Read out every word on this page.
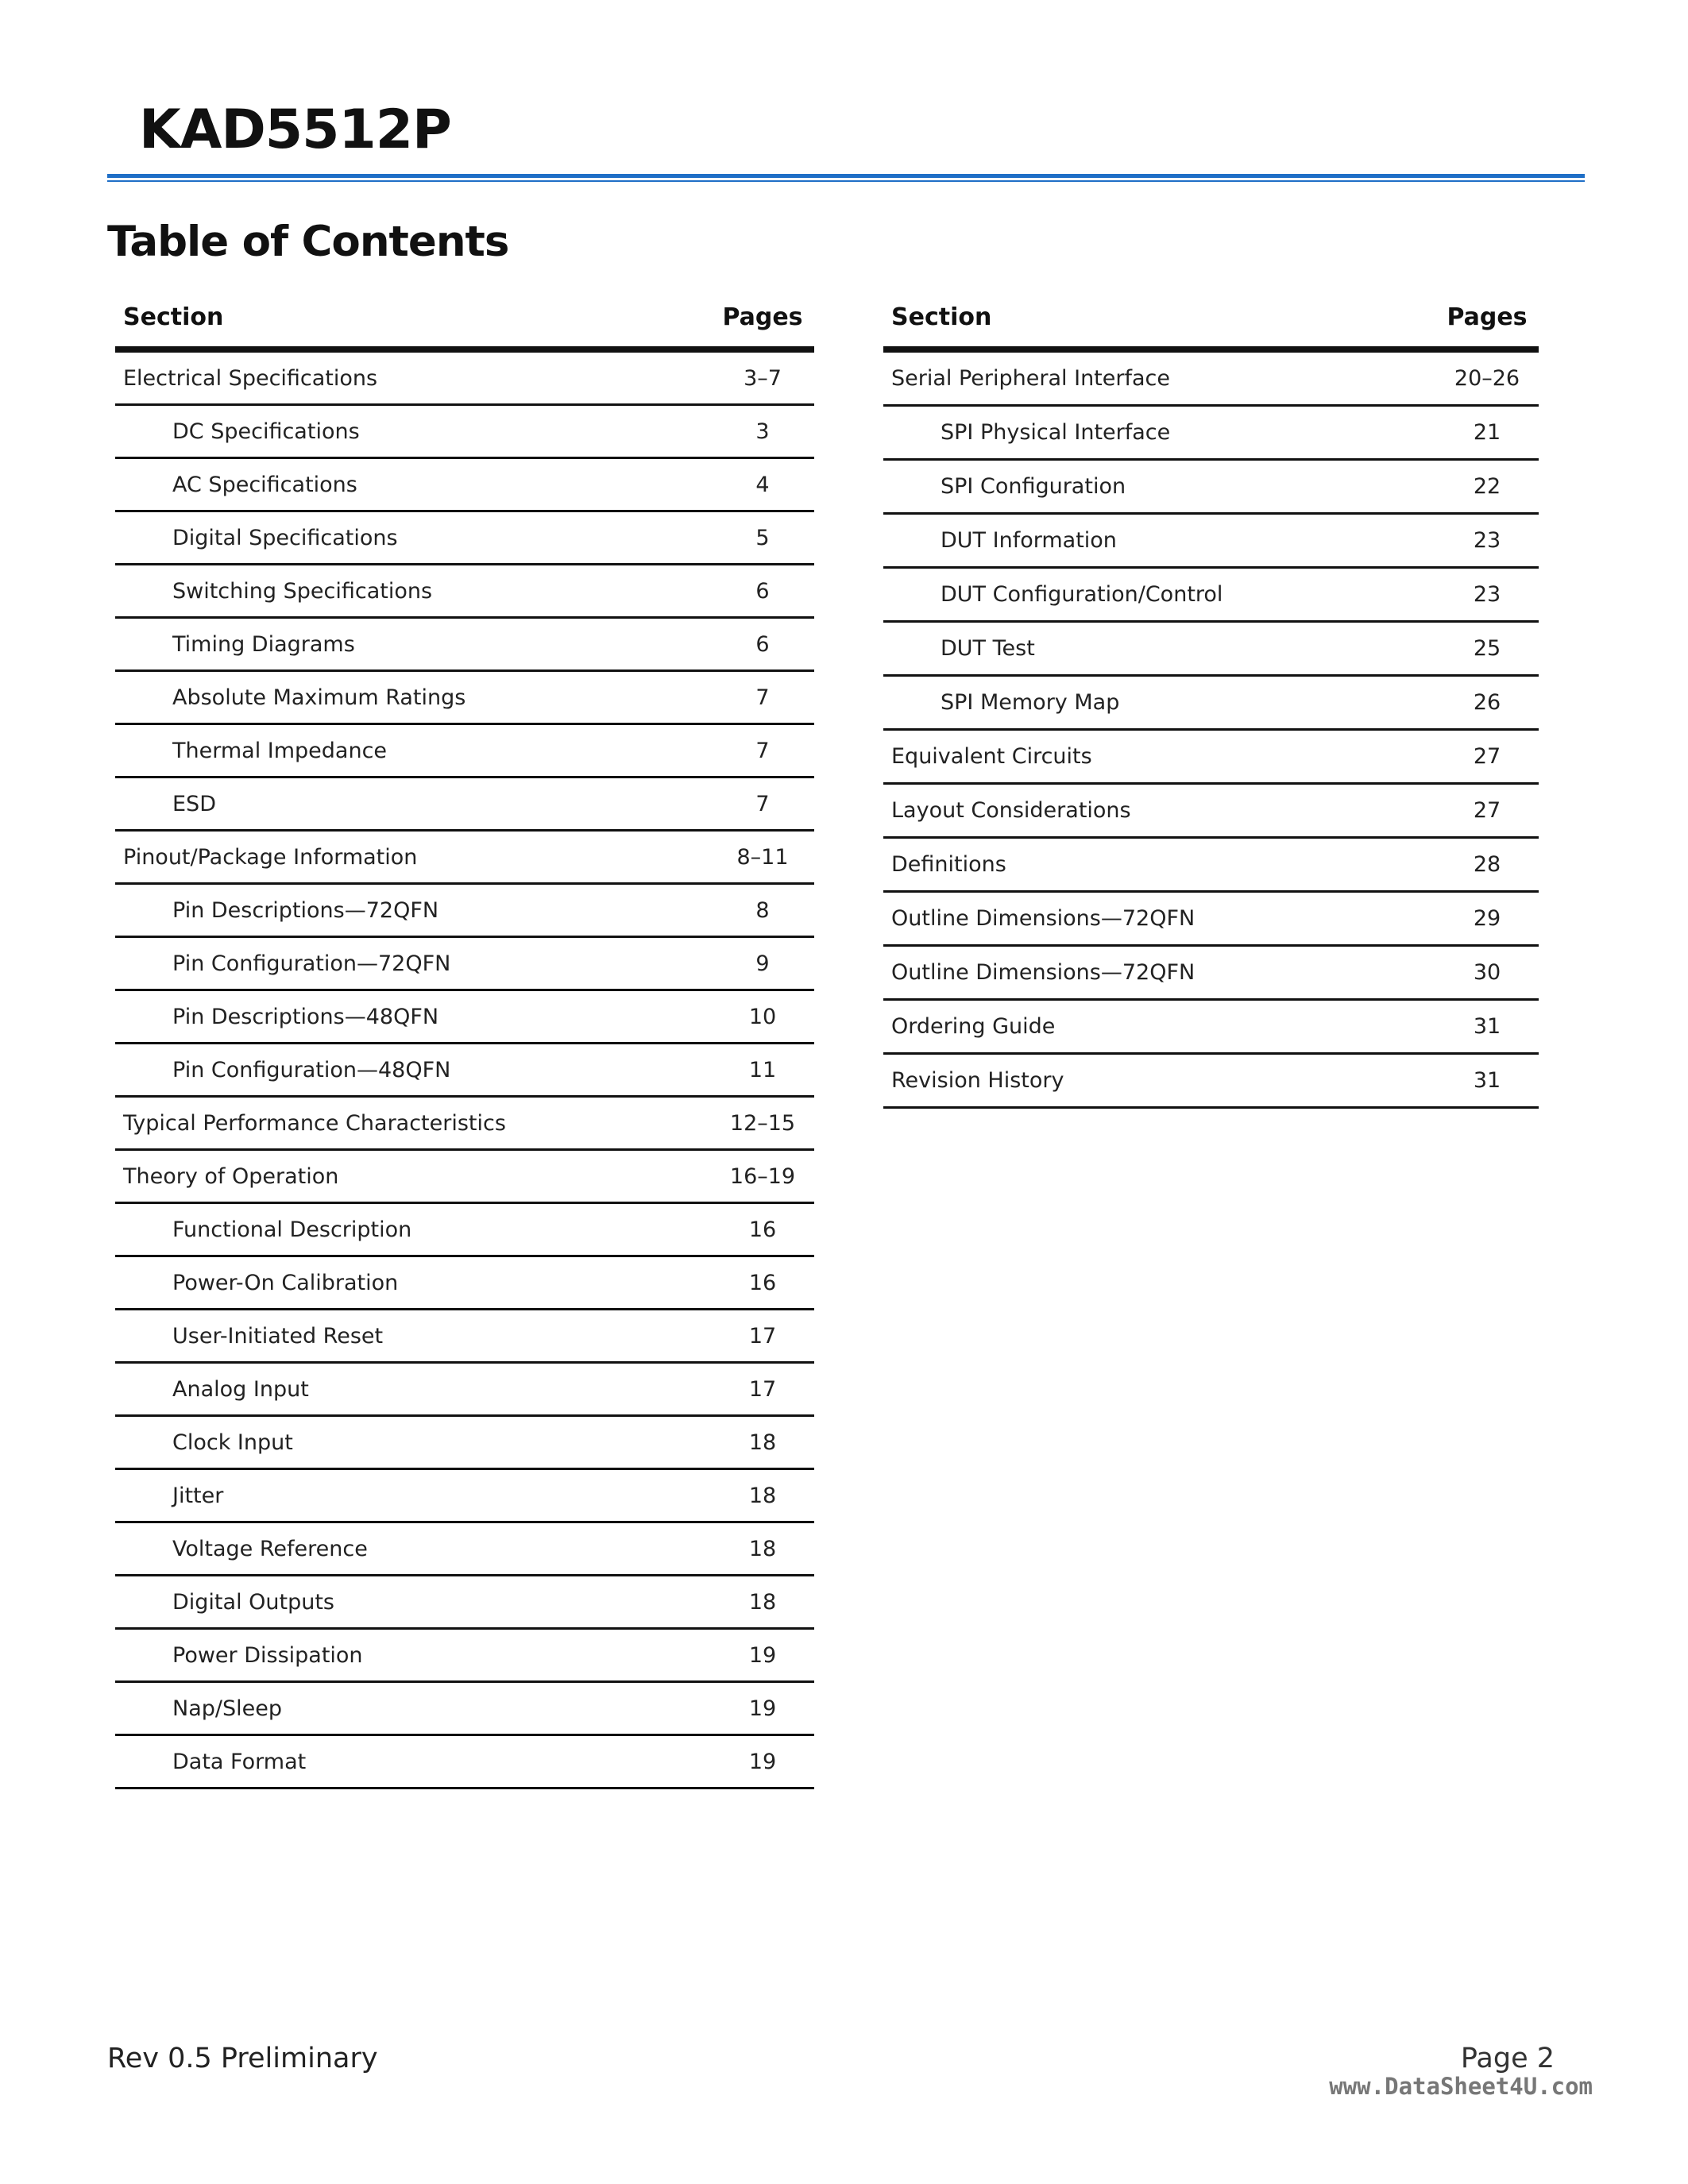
KAD5512P
Table of Contents
Section	Pages
Electrical Specifications	3–7
DC Specifications	3
AC Specifications	4
Digital Specifications	5
Switching Specifications	6
Timing Diagrams	6
Absolute Maximum Ratings	7
Thermal Impedance	7
ESD	7
Pinout/Package Information	8–11
Pin Descriptions—72QFN	8
Pin Configuration—72QFN	9
Pin Descriptions—48QFN	10
Pin Configuration—48QFN	11
Typical Performance Characteristics	12–15
Theory of Operation	16–19
Functional Description	16
Power-On Calibration	16
User-Initiated Reset	17
Analog Input	17
Clock Input	18
Jitter	18
Voltage Reference	18
Digital Outputs	18
Power Dissipation	19
Nap/Sleep	19
Data Format	19
Section	Pages
Serial Peripheral Interface	20–26
SPI Physical Interface	21
SPI Configuration	22
DUT Information	23
DUT Configuration/Control	23
DUT Test	25
SPI Memory Map	26
Equivalent Circuits	27
Layout Considerations	27
Definitions	28
Outline Dimensions—72QFN	29
Outline Dimensions—72QFN	30
Ordering Guide	31
Revision History	31
Rev 0.5 Preliminary	Page 2
www.DataSheet4U.com
